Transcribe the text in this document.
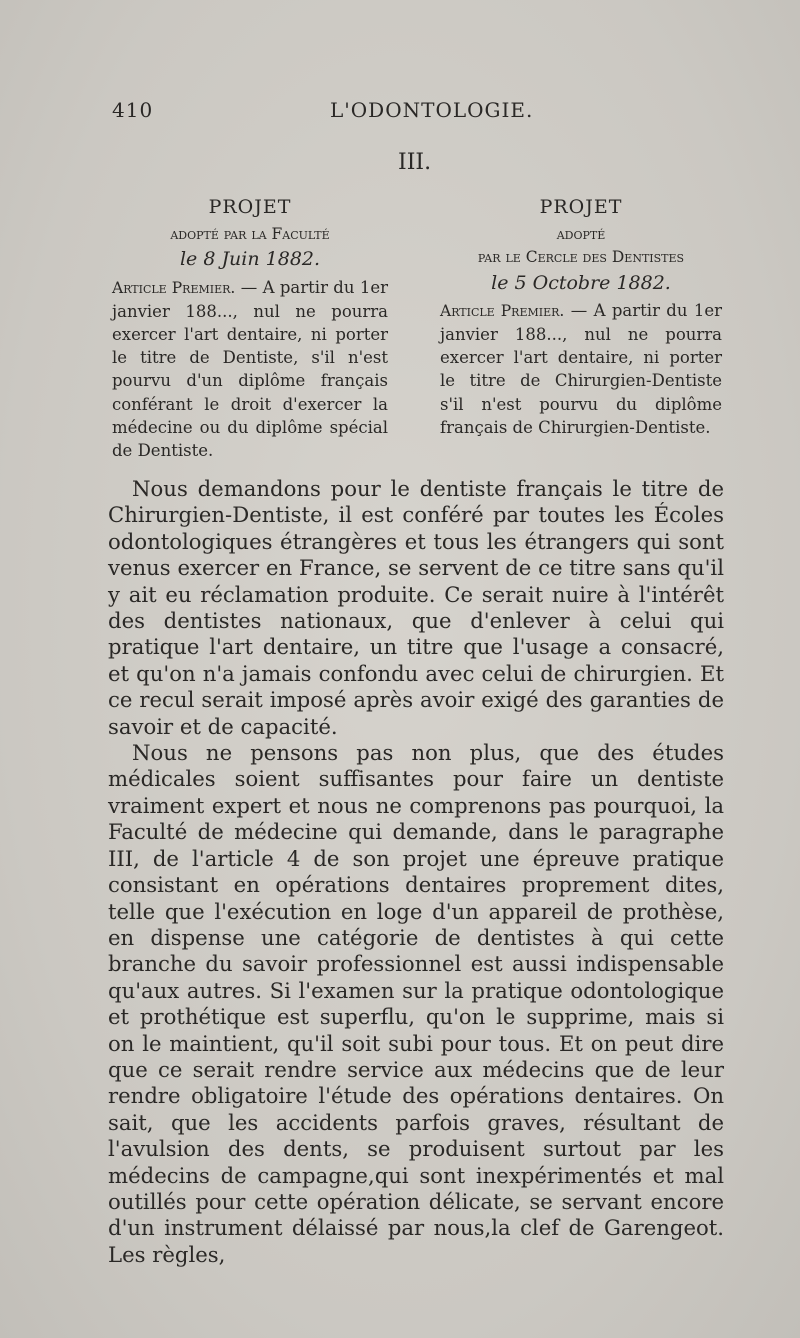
410	L'ODONTOLOGIE.
III.
PROJET
adopté par la Faculté
le 8 Juin 1882.

Article Premier. — A partir du 1er janvier 188..., nul ne pourra exercer l'art dentaire, ni porter le titre de Dentiste, s'il n'est pourvu d'un diplôme français conférant le droit d'exercer la médecine ou du diplôme spécial de Dentiste.

PROJET
adopté
par le Cercle des Dentistes
le 5 Octobre 1882.

Article Premier. — A partir du 1er janvier 188..., nul ne pourra exercer l'art dentaire, ni porter le titre de Chirurgien-Dentiste s'il n'est pourvu du diplôme français de Chirurgien-Dentiste.

Nous demandons pour le dentiste français le titre de Chirurgien-Dentiste, il est conféré par toutes les Écoles odontologiques étrangères et tous les étrangers qui sont venus exercer en France, se servent de ce titre sans qu'il y ait eu réclamation produite. Ce serait nuire à l'intérêt des dentistes nationaux, que d'enlever à celui qui pratique l'art dentaire, un titre que l'usage a consacré, et qu'on n'a jamais confondu avec celui de chirurgien. Et ce recul serait imposé après avoir exigé des garanties de savoir et de capacité.

Nous ne pensons pas non plus, que des études médicales soient suffisantes pour faire un dentiste vraiment expert et nous ne comprenons pas pourquoi, la Faculté de médecine qui demande, dans le paragraphe III, de l'article 4 de son projet une épreuve pratique consistant en opérations dentaires proprement dites, telle que l'exécution en loge d'un appareil de prothèse, en dispense une catégorie de dentistes à qui cette branche du savoir professionnel est aussi indispensable qu'aux autres. Si l'examen sur la pratique odontologique et prothétique est superflu, qu'on le supprime, mais si on le maintient, qu'il soit subi pour tous. Et on peut dire que ce serait rendre service aux médecins que de leur rendre obligatoire l'étude des opérations dentaires. On sait, que les accidents parfois graves, résultant de l'avulsion des dents, se produisent surtout par les médecins de campagne,qui sont inexpérimentés et mal outillés pour cette opération délicate, se servant encore d'un instrument délaissé par nous,la clef de Garengeot. Les règles,
